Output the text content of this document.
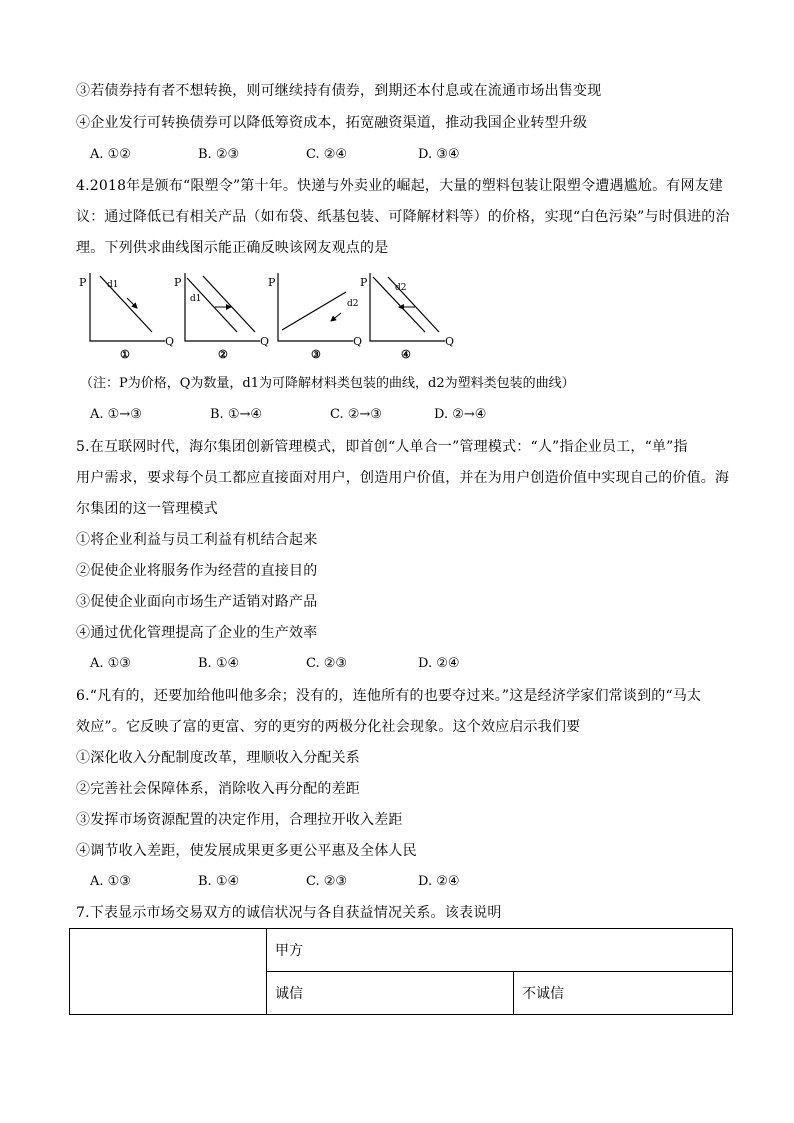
③若债券持有者不想转换，则可继续持有债券，到期还本付息或在流通市场出售变现
④企业发行可转换债券可以降低筹资成本，拓宽融资渠道，推动我国企业转型升级
A. ①②	B. ②③	C. ②④	D. ③④
4.2018年是颁布“限塑令”第十年。快递与外卖业的崛起，大量的塑料包装让限塑令遭遇尴尬。有网友建
议：通过降低已有相关产品（如布袋、纸基包装、可降解材料等）的价格，实现“白色污染”与时俱进的治
理。下列供求曲线图示能正确反映该网友观点的是
P
Q
d1
①
P
Q
d1
②
P
Q
d2
③
P
Q
d2
④
（注：P为价格，Q为数量，d1为可降解材料类包装的曲线，d2为塑料类包装的曲线）
A. ①→③	B. ①→④	C. ②→③	D. ②→④
5.在互联网时代，海尔集团创新管理模式，即首创“人单合一”管理模式：“人”指企业员工，“单”指
用户需求，要求每个员工都应直接面对用户，创造用户价值，并在为用户创造价值中实现自己的价值。海
尔集团的这一管理模式
①将企业利益与员工利益有机结合起来
②促使企业将服务作为经营的直接目的
③促使企业面向市场生产适销对路产品
④通过优化管理提高了企业的生产效率
A. ①③	B. ①④	C. ②③	D. ②④
6.“凡有的，还要加给他叫他多余；没有的，连他所有的也要夺过来。”这是经济学家们常谈到的“马太
效应”。它反映了富的更富、穷的更穷的两极分化社会现象。这个效应启示我们要
①深化收入分配制度改革，理顺收入分配关系
②完善社会保障体系，消除收入再分配的差距
③发挥市场资源配置的决定作用，合理拉开收入差距
④调节收入差距，使发展成果更多更公平惠及全体人民
A. ①③	B. ①④	C. ②③	D. ②④
7.下表显示市场交易双方的诚信状况与各自获益情况关系。该表说明
	甲方	
	诚信	不诚信
